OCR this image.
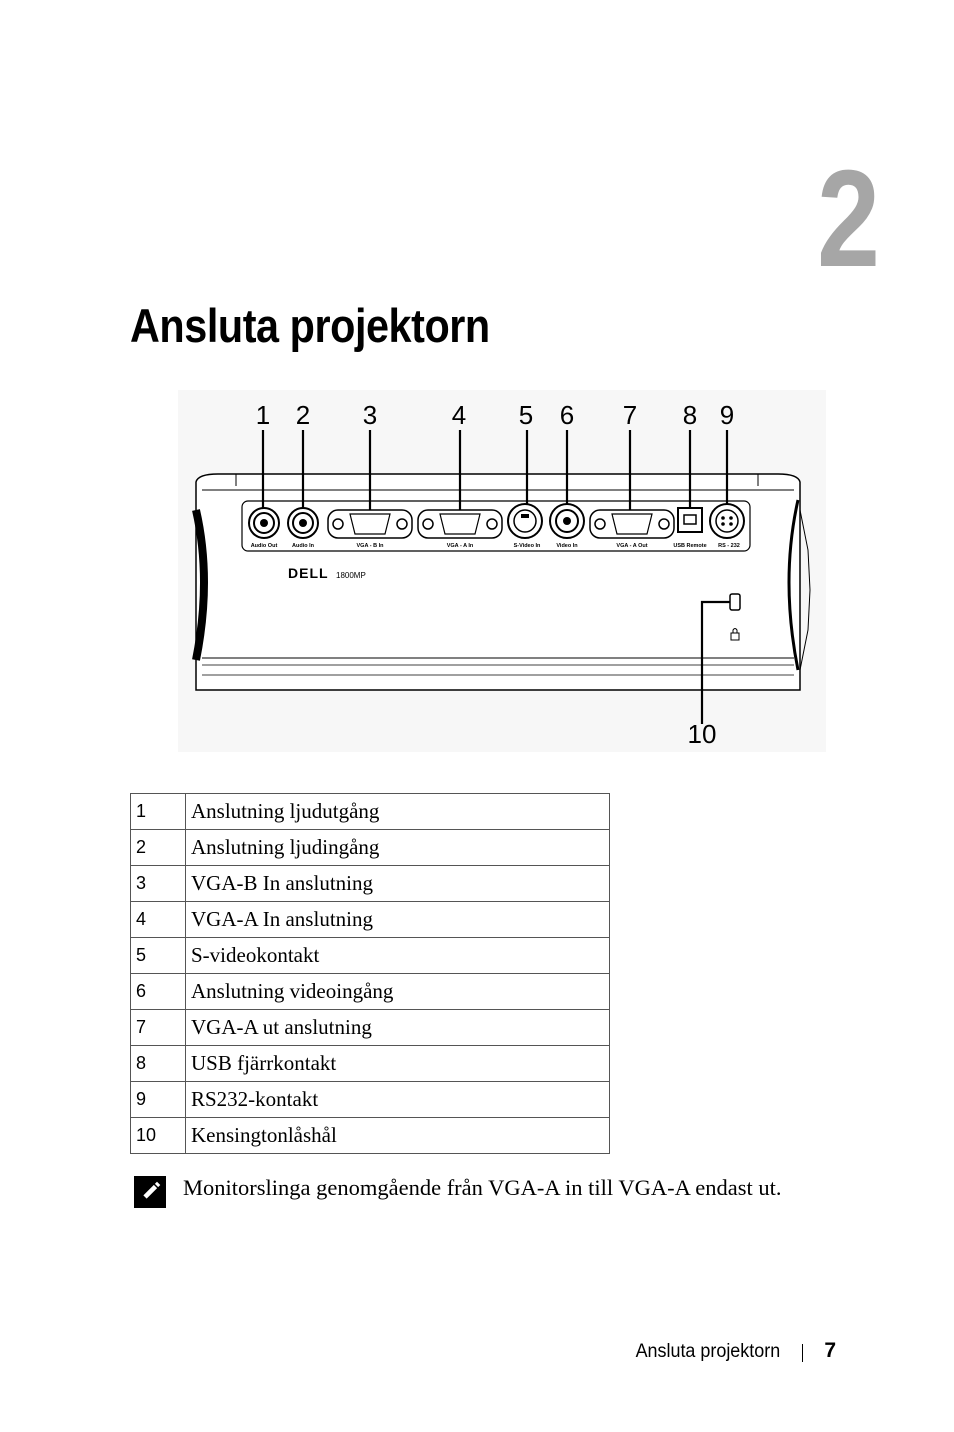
2
Ansluta projektorn
Audio Out	Audio In	VGA - B In	VGA - A In	S-Video In	Video In	VGA - A Out	USB Remote RS - 232
DELL 1800MP
1 2 3	4 5 6 7 8 9
10
1	Anslutning ljudutgång
2	Anslutning ljudingång
3	VGA-B In anslutning
4	VGA-A In anslutning
5	S-videokontakt
6	Anslutning videoingång
7	VGA-A ut anslutning
8	USB fjärrkontakt
9	RS232-kontakt
10	Kensingtonlåshål
Monitorslinga genomgående från VGA-A in till VGA-A endast ut.
Ansluta projektorn 7
